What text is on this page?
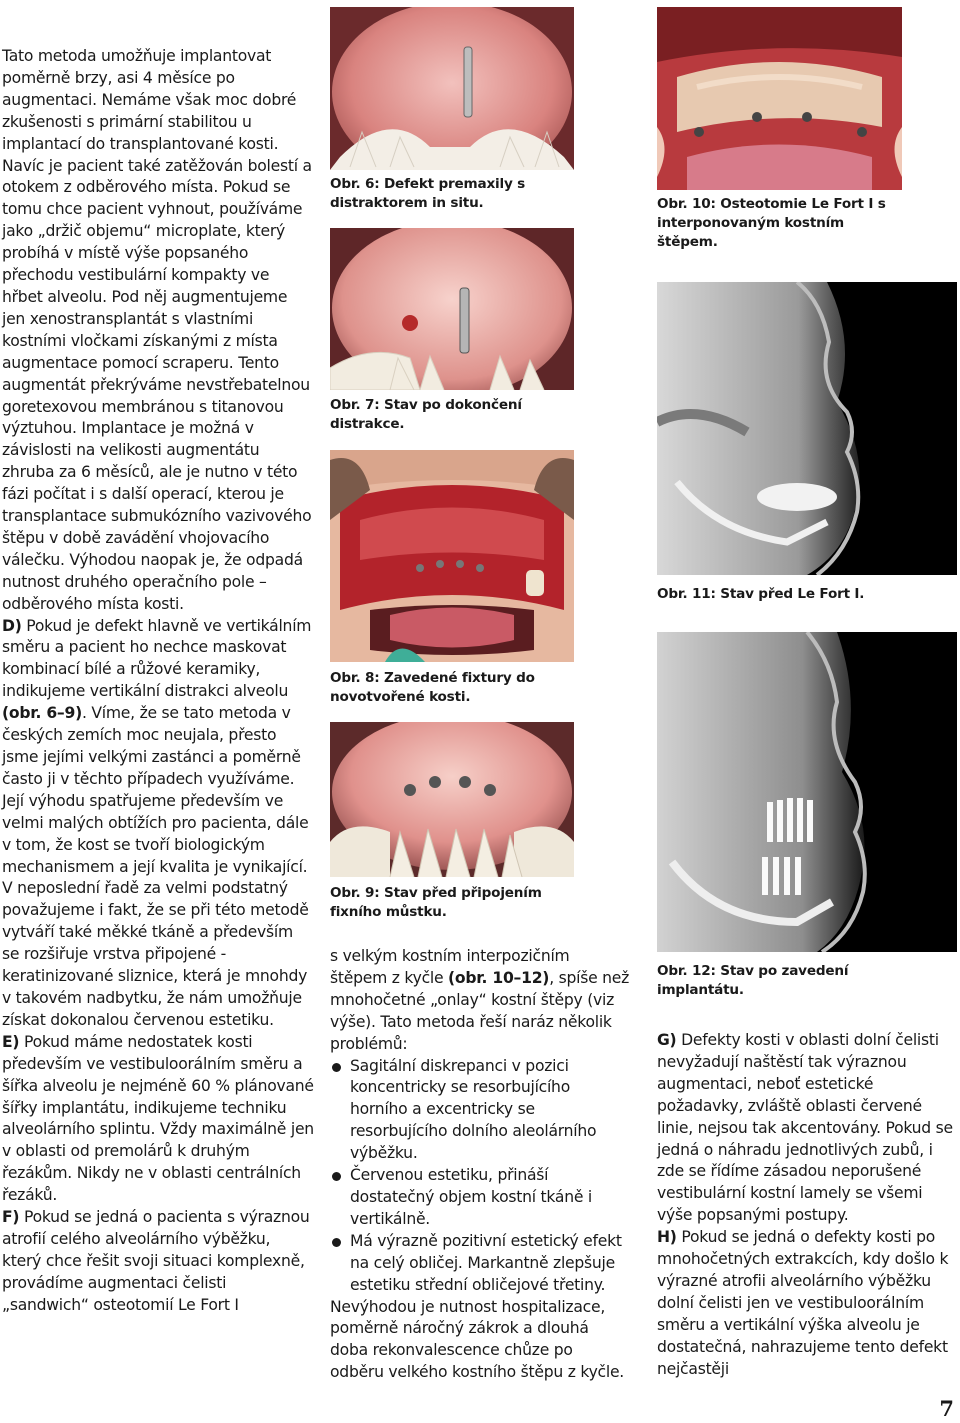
Tato metoda umožňuje implantovat poměrně brzy, asi 4 měsíce po augmentaci. Nemáme však moc dobré zkušenosti s primární stabilitou u implantací do transplantované kosti. Navíc je pacient také zatěžován bolestí a otokem z odběrového místa. Pokud se tomu chce pacient vyhnout, používáme jako „držič objemu“ microplate, který probíhá v místě výše popsaného přechodu vestibulární kompakty ve hřbet alveolu. Pod něj augmentujeme jen xenostransplantát s vlastními kostními vločkami získanými z místa augmentace pomocí scraperu. Tento augmentát překrýváme nevstřebatelnou goretexovou membránou s titanovou výztuhou. Implantace je možná v závislosti na velikosti augmentátu zhruba za 6 měsíců, ale je nutno v této fázi počítat i s další operací, kterou je transplantace submukózního vazivového štěpu v době zavádění vhojovacího válečku. Výhodou naopak je, že odpadá nutnost druhého operačního pole – odběrového místa kosti.

D) Pokud je defekt hlavně ve vertikálním směru a pacient ho nechce maskovat kombinací bílé a růžové keramiky, indikujeme vertikální distrakci alveolu (obr. 6–9). Víme, že se tato metoda v českých zemích moc neujala, přesto jsme jejími velkými zastánci a poměrně často ji v těchto případech využíváme. Její výhodu spatřujeme především ve velmi malých obtížích pro pacienta, dále v tom, že kost se tvoří biologickým mechanismem a její kvalita je vynikající. V neposlední řadě za velmi podstatný považujeme i fakt, že se při této metodě vytváří také měkké tkáně a především se rozšiřuje vrstva připojené - keratinizované sliznice, která je mnohdy v takovém nadbytku, že nám umožňuje získat dokonalou červenou estetiku.

E) Pokud máme nedostatek kosti především ve vestibuloorálním směru a šířka alveolu je nejméně 60 % plánované šířky implantátu, indikujeme techniku alveolárního splintu. Vždy maximálně jen v oblasti od premolárů k druhým řezákům. Nikdy ne v oblasti centrálních řezáků.

F) Pokud se jedná o pacienta s výraznou atrofií celého alveolárního výběžku, který chce řešit svoji situaci komplexně, provádíme augmentaci čelisti „sandwich“ osteotomií Le Fort I

Obr. 6: Defekt premaxily s distraktorem in situ.
Obr. 7: Stav po dokončení distrakce.
Obr. 8: Zavedené fixtury do novotvořené kosti.
Obr. 9: Stav před připojením fixního můstku.

s velkým kostním interpozičním štěpem z kyčle (obr. 10–12), spíše než mnohočetné „onlay“ kostní štěpy (viz výše). Tato metoda řeší naráz několik problémů:

Sagitální diskrepanci v pozici koncentricky se resorbujícího horního a excentricky se resorbujícího dolního aleolárního výběžku.
Červenou estetiku, přináší dostatečný objem kostní tkáně i vertikálně.
Má výrazně pozitivní estetický efekt na celý obličej. Markantně zlepšuje estetiku střední obličejové třetiny.

Nevýhodou je nutnost hospitalizace, poměrně náročný zákrok a dlouhá doba rekonvalescence chůze po odběru velkého kostního štěpu z kyčle.

Obr. 10: Osteotomie Le Fort I s interponovaným kostním štěpem.
Obr. 11: Stav před Le Fort I.
Obr. 12: Stav po zavedení implantátu.

G) Defekty kosti v oblasti dolní čelisti nevyžadují naštěstí tak výraznou augmentaci, neboť estetické požadavky, zvláště oblasti červené linie, nejsou tak akcentovány. Pokud se jedná o náhradu jednotlivých zubů, i zde se řídíme zásadou neporušené vestibulární kostní lamely se všemi výše popsanými postupy.

H) Pokud se jedná o defekty kosti po mnohočetných extrakcích, kdy došlo k výrazné atrofii alveolárního výběžku dolní čelisti jen ve vestibuloorálním směru a vertikální výška alveolu je dostatečná, nahrazujeme tento defekt nejčastěji

7
